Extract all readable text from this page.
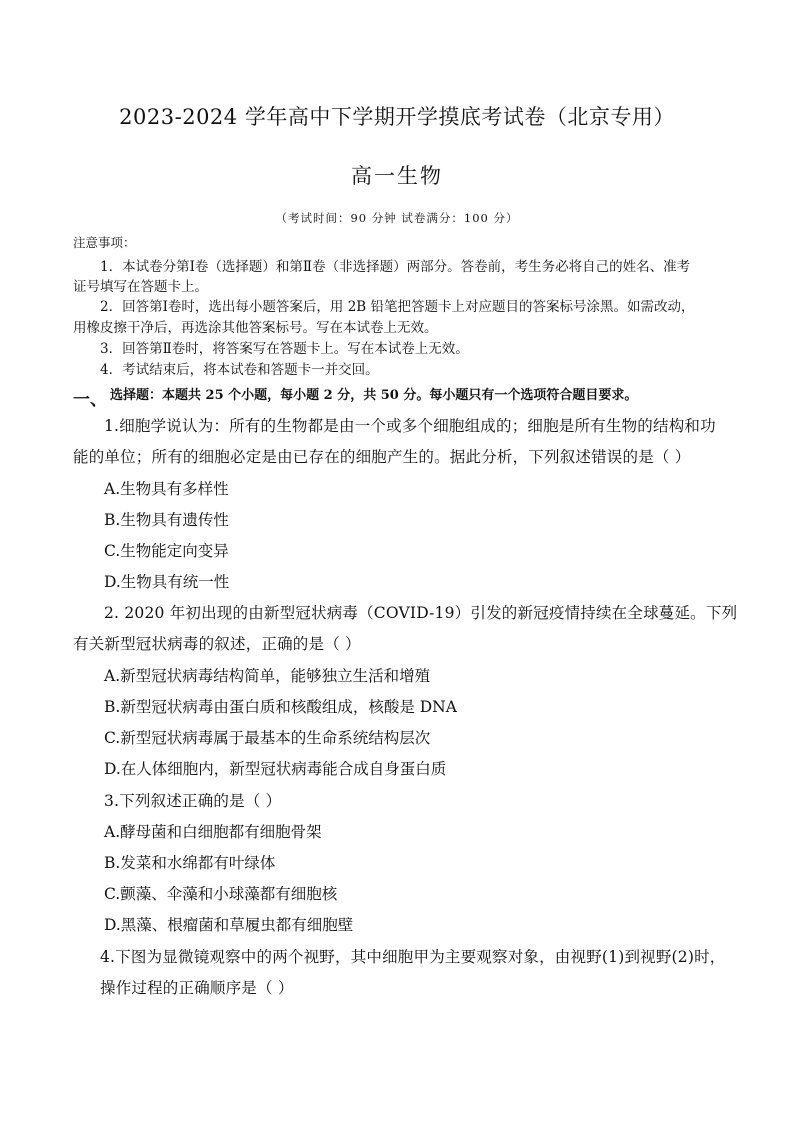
2023-2024 学年高中下学期开学摸底考试卷（北京专用）
高一生物
（考试时间：90 分钟 试卷满分：100 分）
注意事项：
1．本试卷分第Ⅰ卷（选择题）和第Ⅱ卷（非选择题）两部分。答卷前，考生务必将自己的姓名、准考
证号填写在答题卡上。
2．回答第Ⅰ卷时，选出每小题答案后，用 2B 铅笔把答题卡上对应题目的答案标号涂黑。如需改动，
用橡皮擦干净后，再选涂其他答案标号。写在本试卷上无效。
3．回答第Ⅱ卷时，将答案写在答题卡上。写在本试卷上无效。
4．考试结束后，将本试卷和答题卡一并交回。
一、 选择题：本题共 25 个小题，每小题 2 分，共 50 分。每小题只有一个选项符合题目要求。
1.细胞学说认为：所有的生物都是由一个或多个细胞组成的；细胞是所有生物的结构和功
能的单位；所有的细胞必定是由已存在的细胞产生的。据此分析，下列叙述错误的是（ ）
A.生物具有多样性
B.生物具有遗传性
C.生物能定向变异
D.生物具有统一性
2. 2020 年初出现的由新型冠状病毒（COVID-19）引发的新冠疫情持续在全球蔓延。下列
有关新型冠状病毒的叙述，正确的是（ ）
A.新型冠状病毒结构简单，能够独立生活和增殖
B.新型冠状病毒由蛋白质和核酸组成，核酸是 DNA
C.新型冠状病毒属于最基本的生命系统结构层次
D.在人体细胞内，新型冠状病毒能合成自身蛋白质
3.下列叙述正确的是（ ）
A.酵母菌和白细胞都有细胞骨架
B.发菜和水绵都有叶绿体
C.颤藻、伞藻和小球藻都有细胞核
D.黑藻、根瘤菌和草履虫都有细胞壁
4.下图为显微镜观察中的两个视野，其中细胞甲为主要观察对象，由视野(1)到视野(2)时，
操作过程的正确顺序是（ ）
